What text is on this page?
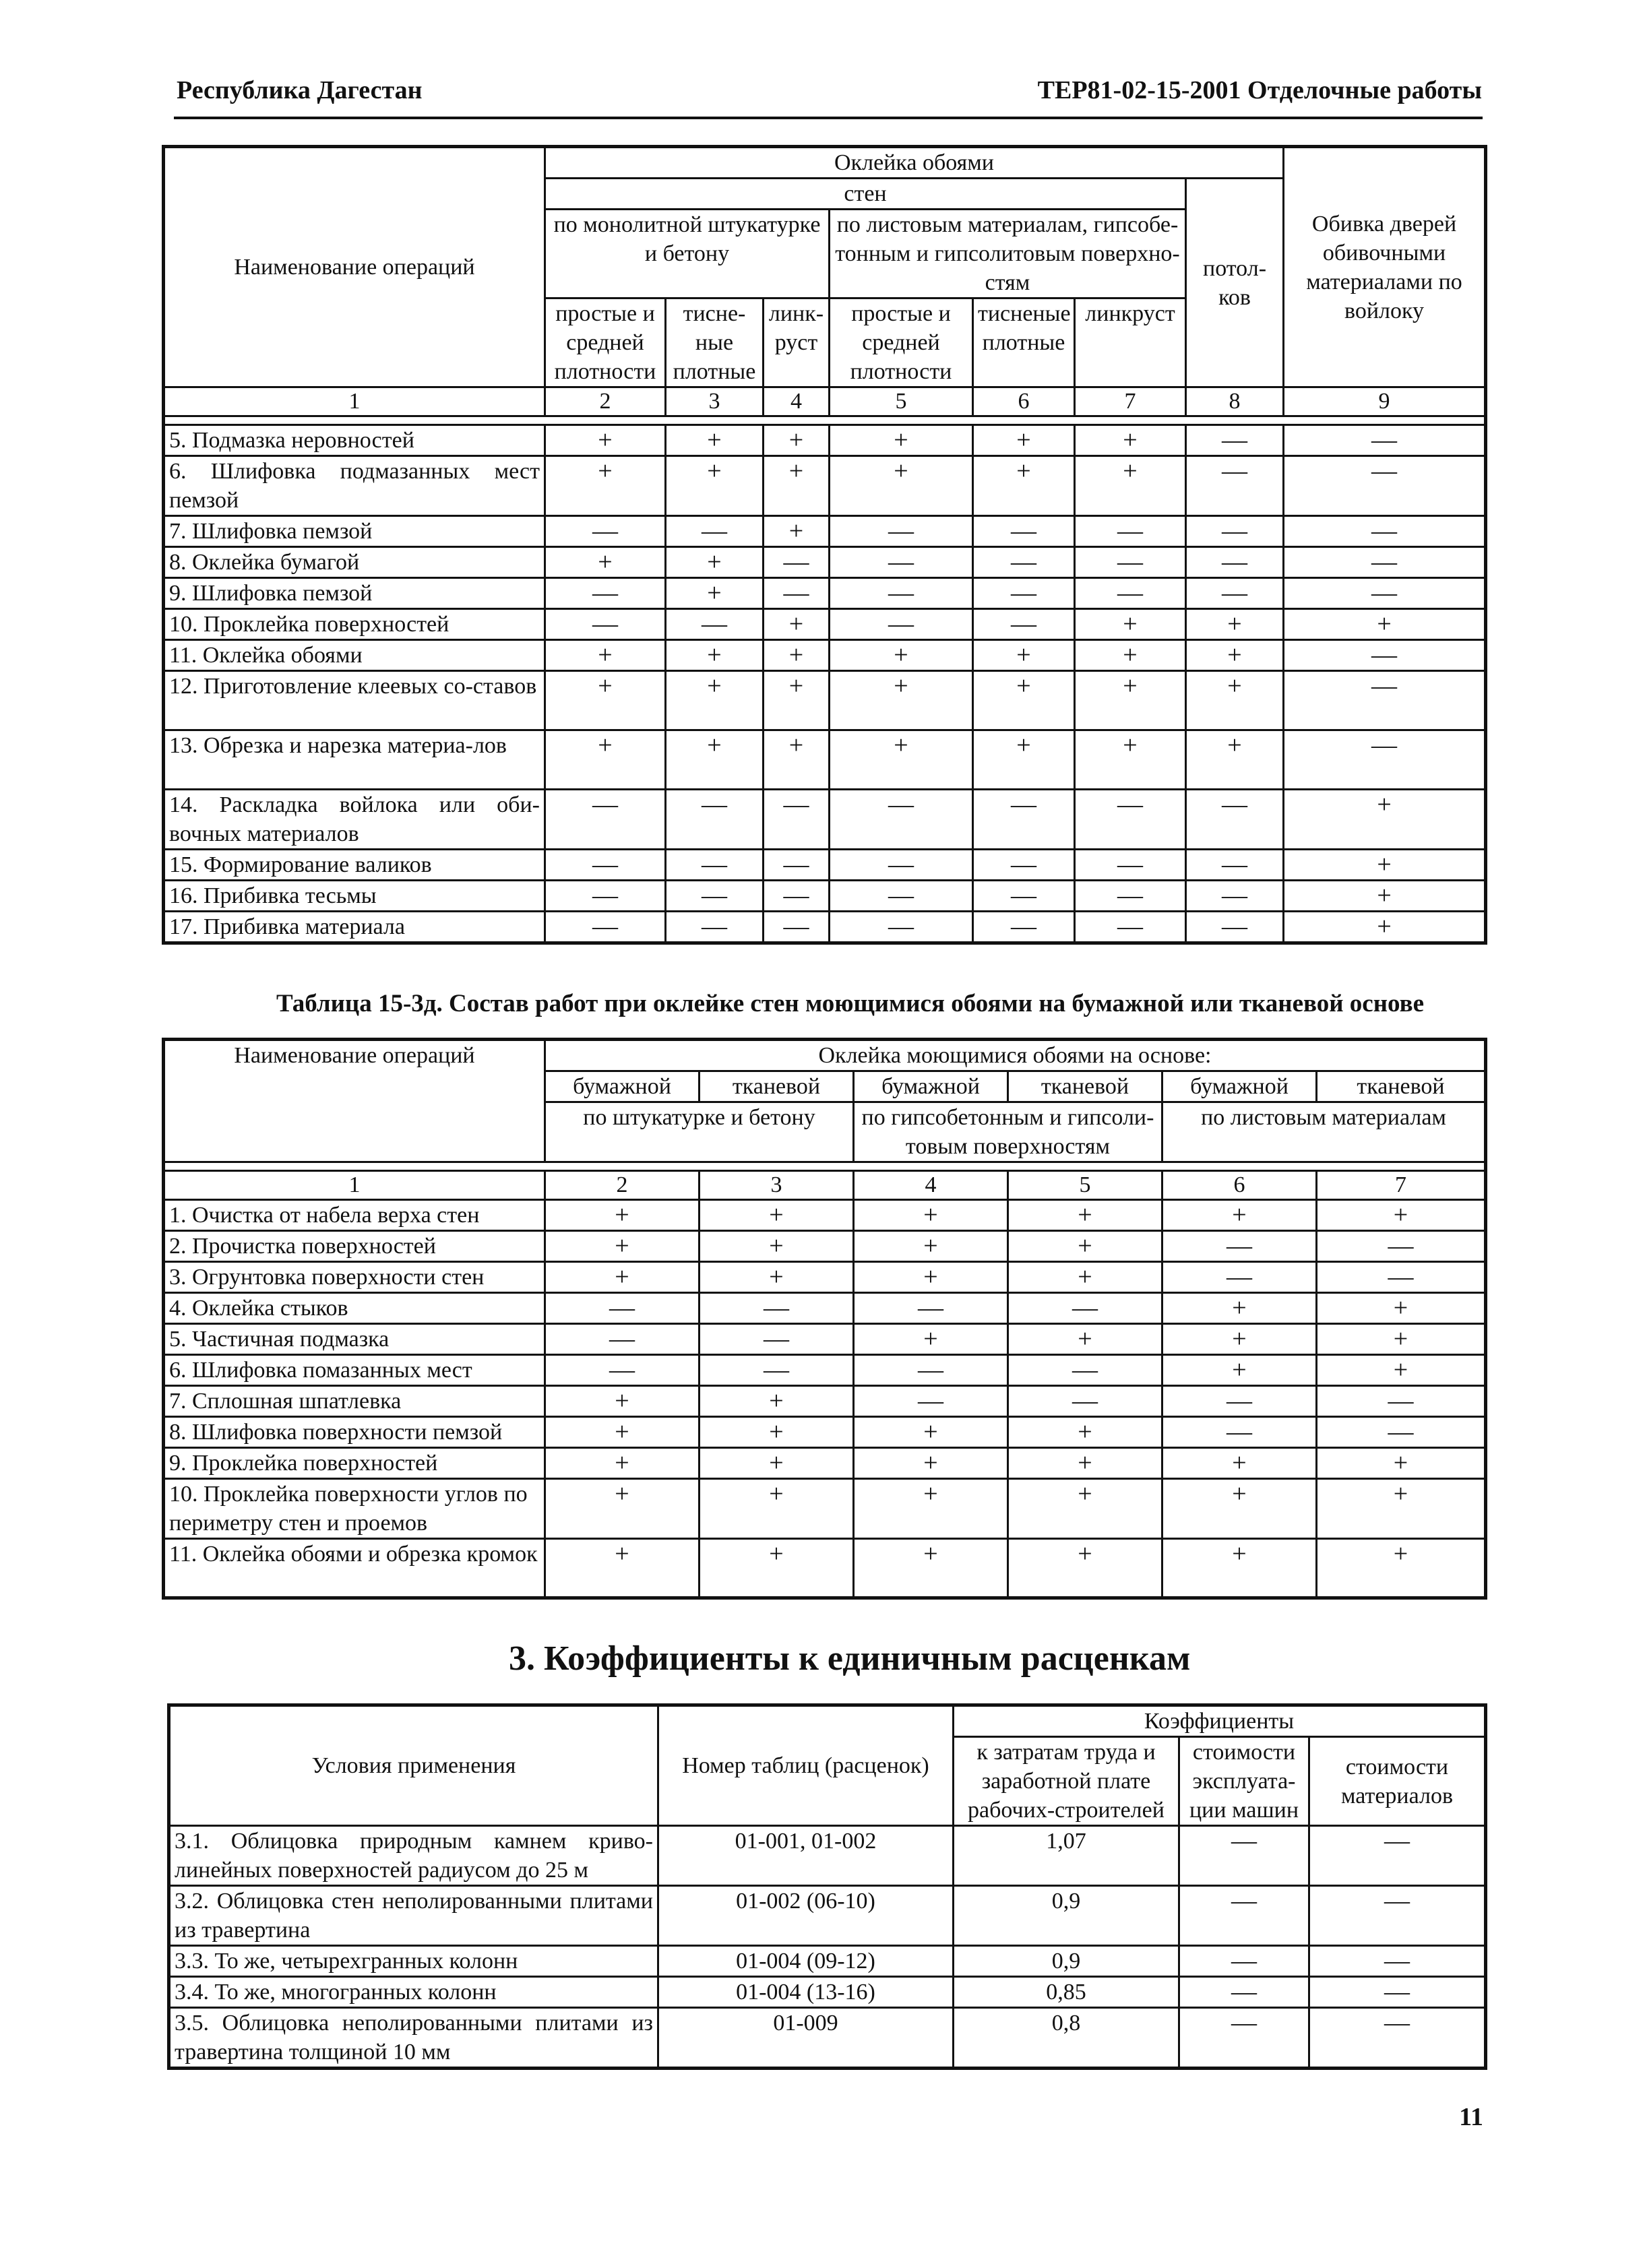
Республика Дагестан	ТЕР81-02-15-2001 Отделочные работы
Наименование операций	Оклейка обоями							Обивка дверей обивочными материалами по войлоку
	стен						потол-ков	
	по монолитной штукатурке и бетону			по листовым материалам, гипсобе-тонным и гипсолитовым поверхно-стям				
	простые и средней плотности	тисне-ные плотные	линк-руст	простые и средней плотности	тисненые плотные	линкруст		
1	2	3	4	5	6	7	8	9

5. Подмазка неровностей	+	+	+	+	+	+	—	—
6. Шлифовка подмазанных мест пемзой	+	+	+	+	+	+	—	—
7. Шлифовка пемзой	—	—	+	—	—	—	—	—
8. Оклейка бумагой	+	+	—	—	—	—	—	—
9. Шлифовка пемзой	—	+	—	—	—	—	—	—
10. Проклейка поверхностей	—	—	+	—	—	+	+	+
11. Оклейка обоями	+	+	+	+	+	+	+	—
12. Приготовление клеевых со-ставов	+	+	+	+	+	+	+	—
13. Обрезка и нарезка материа-лов	+	+	+	+	+	+	+	—
14. Раскладка войлока или оби-вочных материалов	—	—	—	—	—	—	—	+
15. Формирование валиков	—	—	—	—	—	—	—	+
16. Прибивка тесьмы	—	—	—	—	—	—	—	+
17. Прибивка материала	—	—	—	—	—	—	—	+
Таблица 15-3д. Состав работ при оклейке стен моющимися обоями на бумажной или тканевой основе
Наименование операций	Оклейка моющимися обоями на основе:					
	бумажной	тканевой	бумажной	тканевой	бумажной	тканевой
	по штукатурке и бетону		по гипсобетонным и гипсоли-товым поверхностям		по листовым материалам	

1	2	3	4	5	6	7
1. Очистка от набела верха стен	+	+	+	+	+	+
2. Прочистка поверхностей	+	+	+	+	—	—
3. Огрунтовка поверхности стен	+	+	+	+	—	—
4. Оклейка стыков	—	—	—	—	+	+
5. Частичная подмазка	—	—	+	+	+	+
6. Шлифовка помазанных мест	—	—	—	—	+	+
7. Сплошная шпатлевка	+	+	—	—	—	—
8. Шлифовка поверхности пемзой	+	+	+	+	—	—
9. Проклейка поверхностей	+	+	+	+	+	+
10. Проклейка поверхности углов по периметру стен и проемов	+	+	+	+	+	+
11. Оклейка обоями и обрезка кромок	+	+	+	+	+	+
3. Коэффициенты к единичным расценкам
Условия применения	Номер таблиц (расценок)	Коэффициенты		
		к затратам труда и заработной плате рабочих-строителей	стоимости эксплуата-ции машин	стоимости материалов
3.1. Облицовка природным камнем криво-линейных поверхностей радиусом до 25 м	01-001, 01-002	1,07	—	—
3.2. Облицовка стен неполированными плитами из травертина	01-002 (06-10)	0,9	—	—
3.3. То же, четырехгранных колонн	01-004 (09-12)	0,9	—	—
3.4. То же, многогранных колонн	01-004 (13-16)	0,85	—	—
3.5. Облицовка неполированными плитами из травертина толщиной 10 мм	01-009	0,8	—	—
11
